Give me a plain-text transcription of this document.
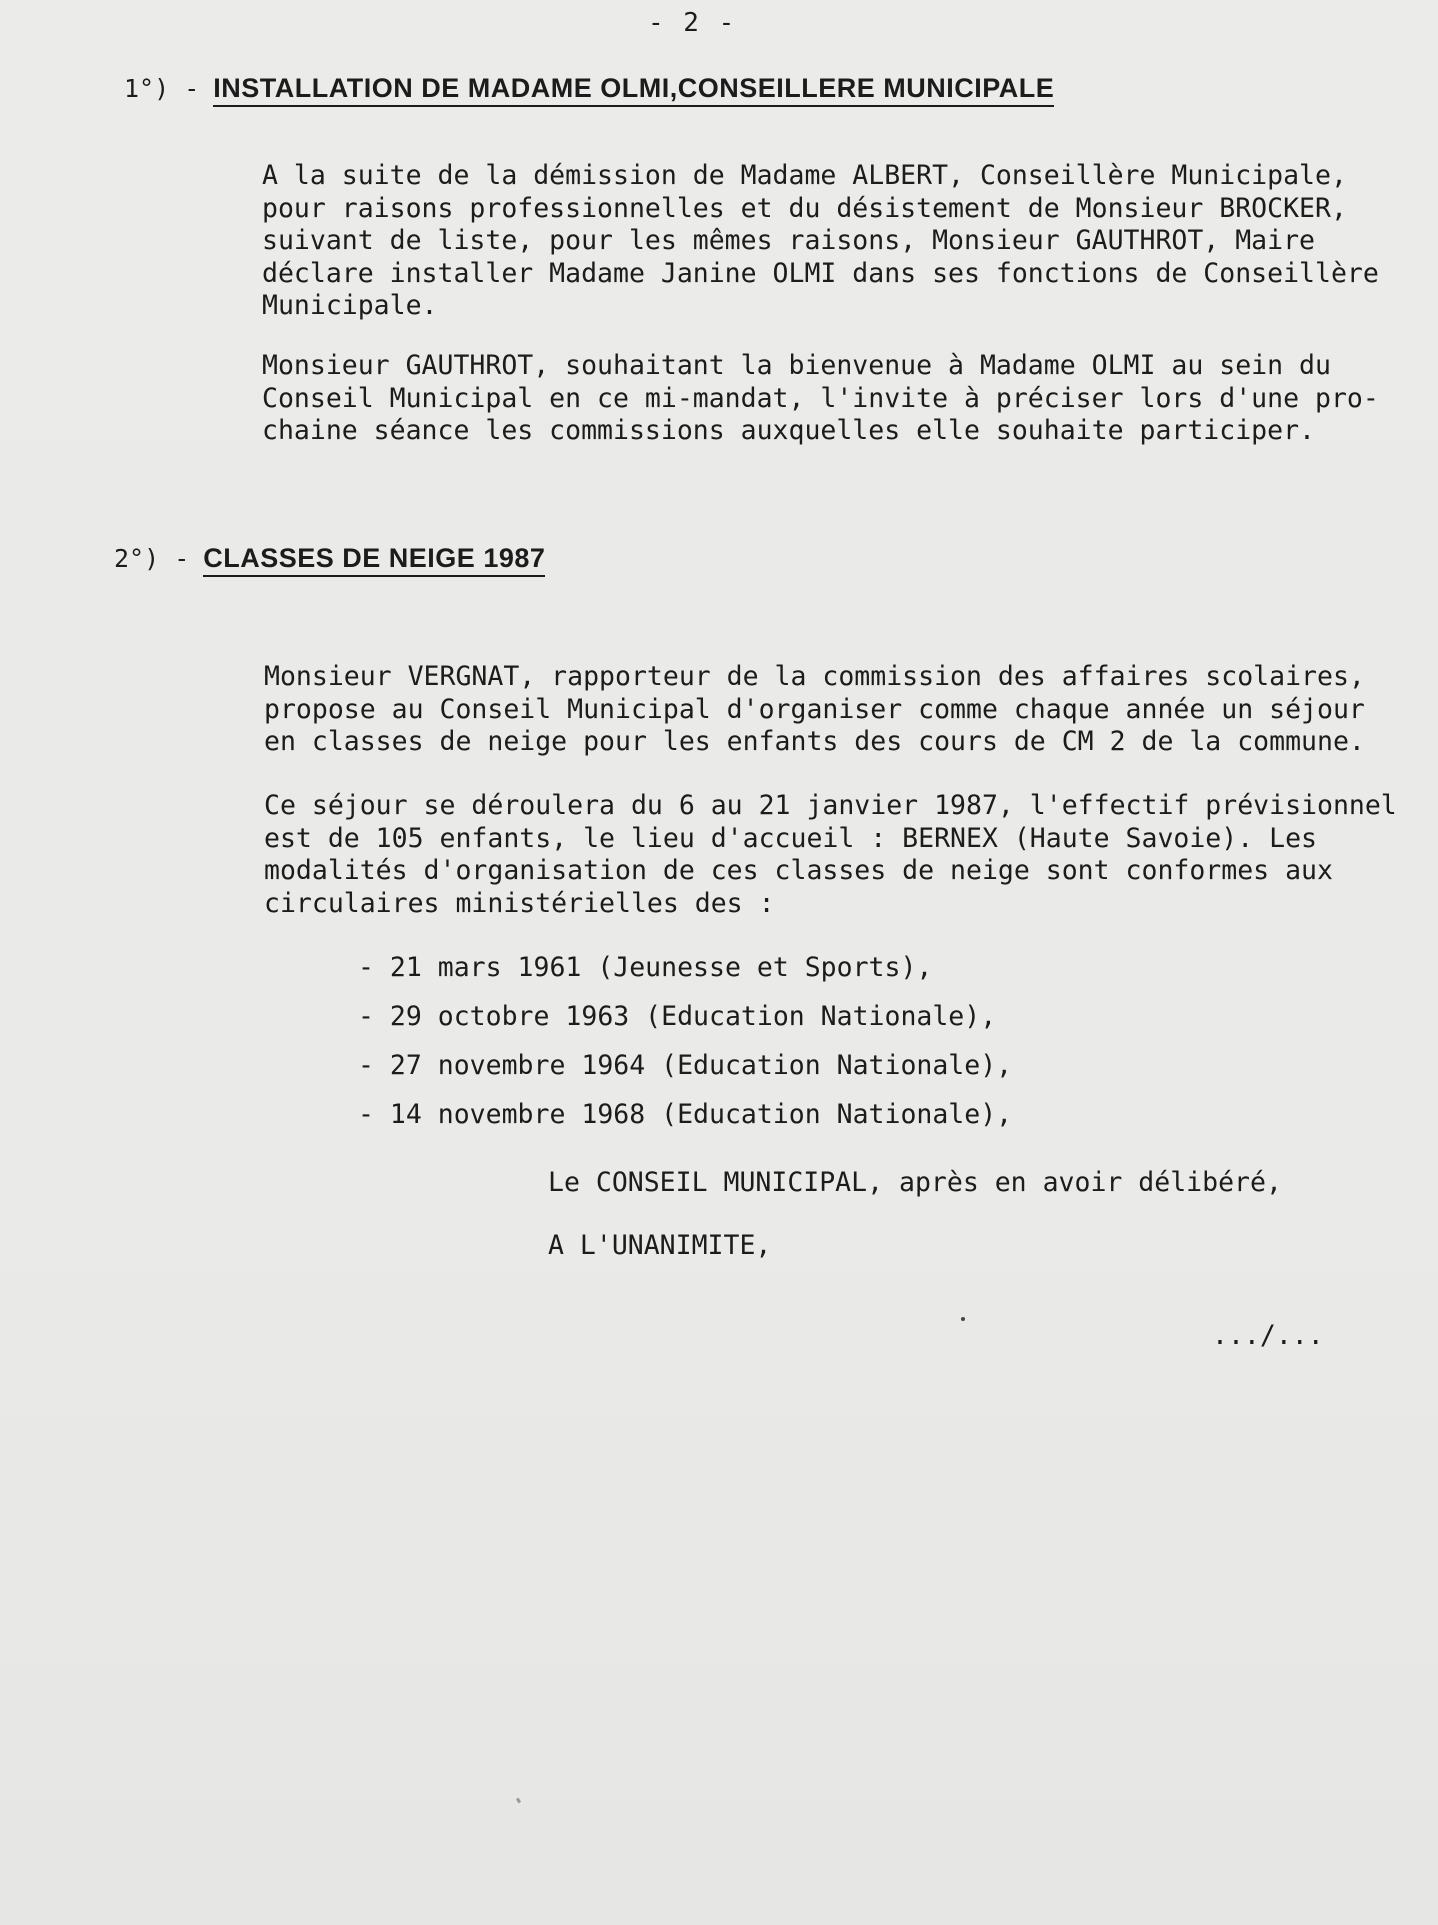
- 2 -
1°) - INSTALLATION DE MADAME OLMI,CONSEILLERE MUNICIPALE

A la suite de la démission de Madame ALBERT, Conseillère Municipale,
pour raisons professionnelles et du désistement de Monsieur BROCKER,
suivant de liste, pour les mêmes raisons, Monsieur GAUTHROT, Maire
déclare installer Madame Janine OLMI dans ses fonctions de Conseillère
Municipale.

Monsieur GAUTHROT, souhaitant la bienvenue à Madame OLMI au sein du
Conseil Municipal en ce mi-mandat, l'invite à préciser lors d'une pro-
chaine séance les commissions auxquelles elle souhaite participer.

2°) - CLASSES DE NEIGE 1987

Monsieur VERGNAT, rapporteur de la commission des affaires scolaires,
propose au Conseil Municipal d'organiser comme chaque année un séjour
en classes de neige pour les enfants des cours de CM 2 de la commune.

Ce séjour se déroulera du 6 au 21 janvier 1987, l'effectif prévisionnel
est de 105 enfants, le lieu d'accueil : BERNEX (Haute Savoie). Les
modalités d'organisation de ces classes de neige sont conformes aux
circulaires ministérielles des :

- 21 mars 1961 (Jeunesse et Sports),
- 29 octobre 1963 (Education Nationale),
- 27 novembre 1964 (Education Nationale),
- 14 novembre 1968 (Education Nationale),
Le CONSEIL MUNICIPAL, après en avoir délibéré,
A L'UNANIMITE,
.../...
